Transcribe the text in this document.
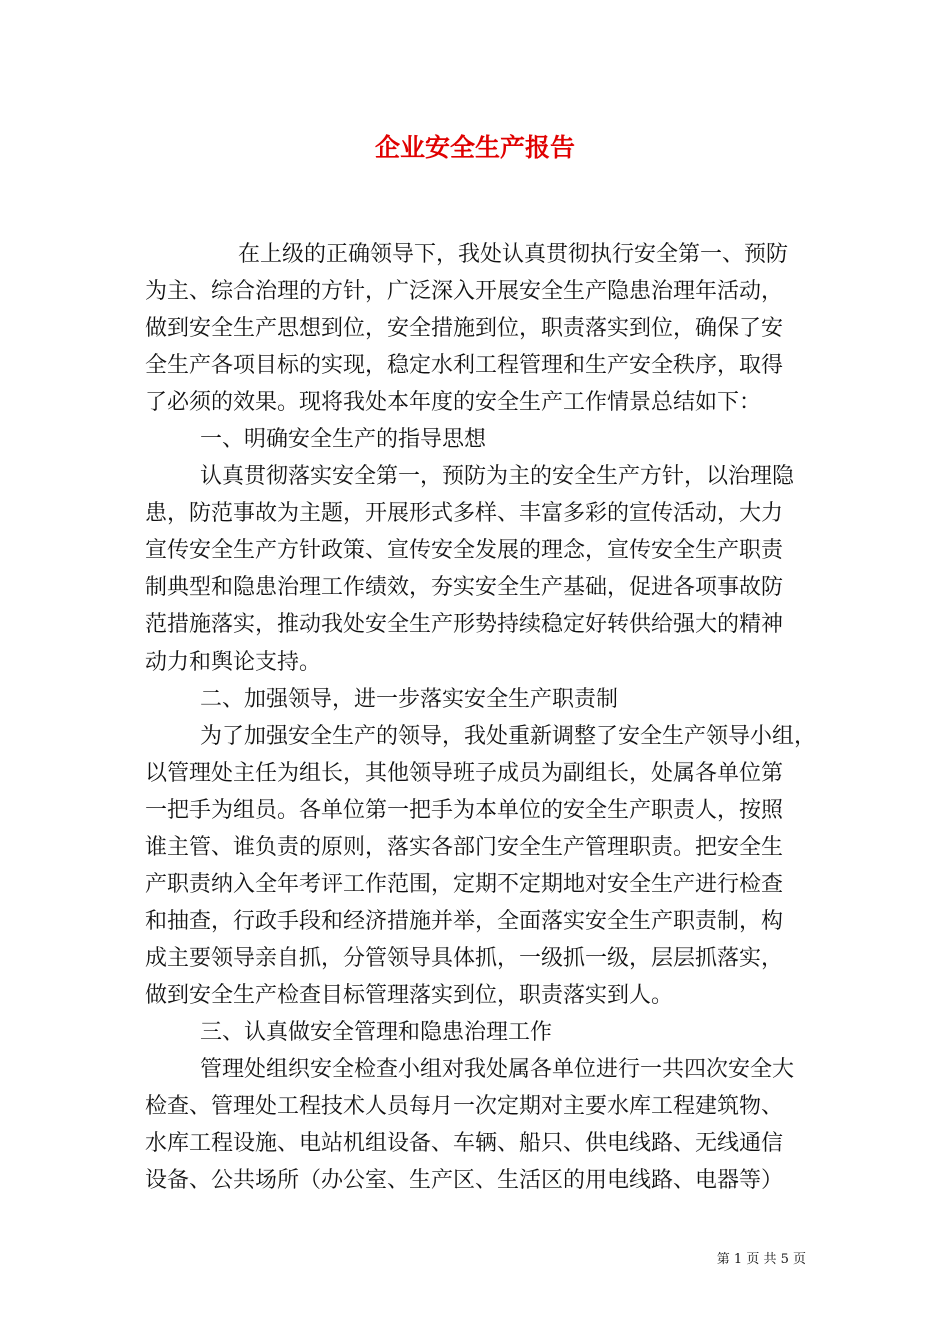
企业安全生产报告
在上级的正确领导下，我处认真贯彻执行安全第一、预防
为主、综合治理的方针，广泛深入开展安全生产隐患治理年活动，
做到安全生产思想到位，安全措施到位，职责落实到位，确保了安
全生产各项目标的实现，稳定水利工程管理和生产安全秩序，取得
了必须的效果。现将我处本年度的安全生产工作情景总结如下：
一、明确安全生产的指导思想
认真贯彻落实安全第一，预防为主的安全生产方针，以治理隐
患，防范事故为主题，开展形式多样、丰富多彩的宣传活动，大力
宣传安全生产方针政策、宣传安全发展的理念，宣传安全生产职责
制典型和隐患治理工作绩效，夯实安全生产基础，促进各项事故防
范措施落实，推动我处安全生产形势持续稳定好转供给强大的精神
动力和舆论支持。
二、加强领导，进一步落实安全生产职责制
为了加强安全生产的领导，我处重新调整了安全生产领导小组，
以管理处主任为组长，其他领导班子成员为副组长，处属各单位第
一把手为组员。各单位第一把手为本单位的安全生产职责人，按照
谁主管、谁负责的原则，落实各部门安全生产管理职责。把安全生
产职责纳入全年考评工作范围，定期不定期地对安全生产进行检查
和抽查，行政手段和经济措施并举，全面落实安全生产职责制，构
成主要领导亲自抓，分管领导具体抓，一级抓一级，层层抓落实，
做到安全生产检查目标管理落实到位，职责落实到人。
三、认真做安全管理和隐患治理工作
管理处组织安全检查小组对我处属各单位进行一共四次安全大
检查、管理处工程技术人员每月一次定期对主要水库工程建筑物、
水库工程设施、电站机组设备、车辆、船只、供电线路、无线通信
设备、公共场所（办公室、生产区、生活区的用电线路、电器等）
第 1 页 共 5 页
